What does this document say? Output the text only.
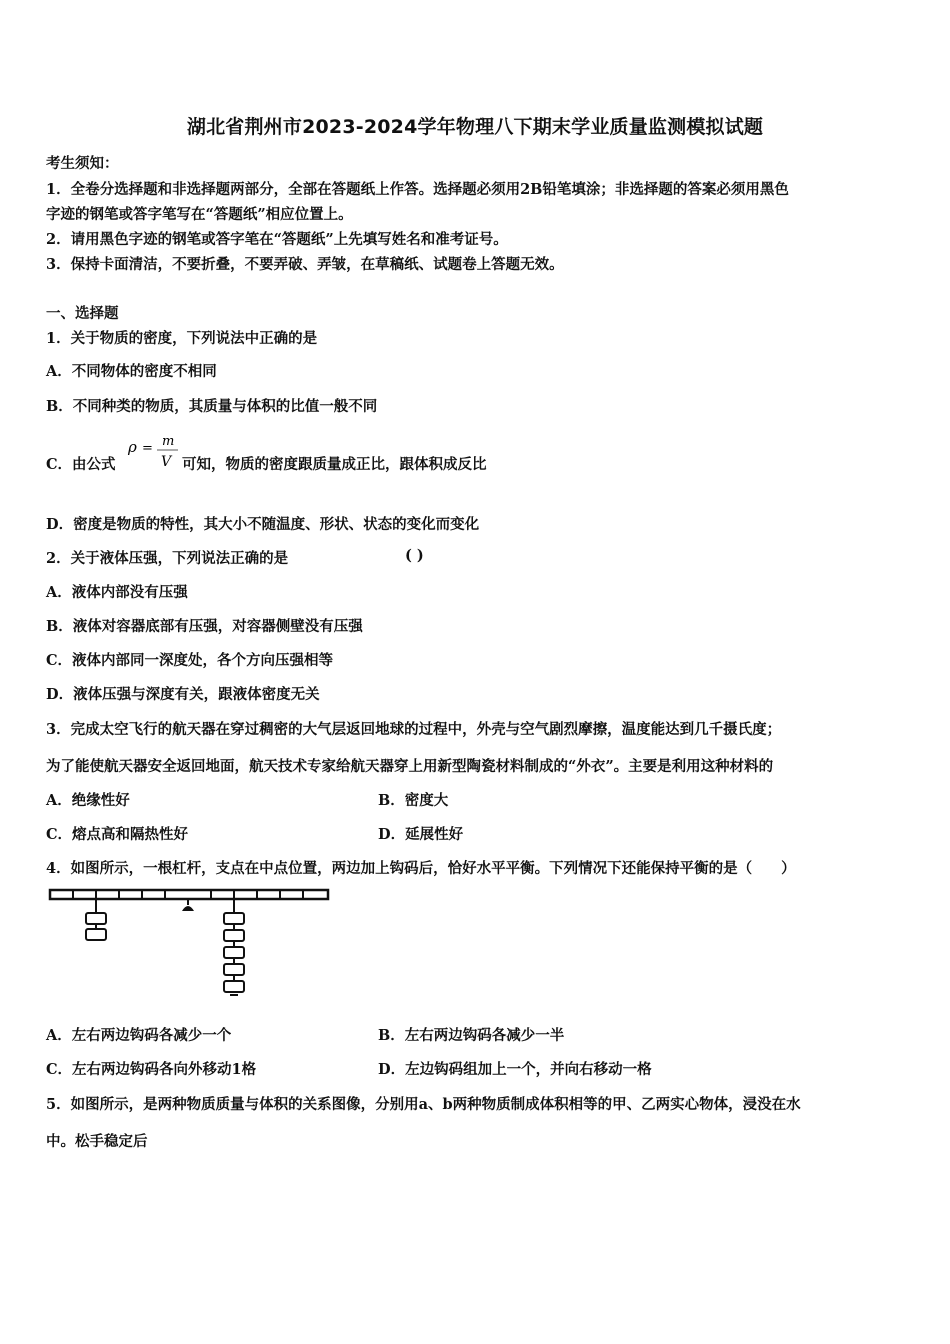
湖北省荆州市2023-2024学年物理八下期末学业质量监测模拟试题
考生须知：
1．全卷分选择题和非选择题两部分，全部在答题纸上作答。选择题必须用2B铅笔填涂；非选择题的答案必须用黑色
字迹的钢笔或答字笔写在“答题纸”相应位置上。
2．请用黑色字迹的钢笔或答字笔在“答题纸”上先填写姓名和准考证号。
3．保持卡面清洁，不要折叠，不要弄破、弄皱，在草稿纸、试题卷上答题无效。
一、选择题
1．关于物质的密度，下列说法中正确的是
A．不同物体的密度不相同
B．不同种类的物质，其质量与体积的比值一般不同
C．由公式
ρ = m
V 可知，物质的密度跟质量成正比，跟体积成反比
D．密度是物质的特性，其大小不随温度、形状、状态的变化而变化
2．关于液体压强，下列说法正确的是	( )
A．液体内部没有压强
B．液体对容器底部有压强，对容器侧壁没有压强
C．液体内部同一深度处，各个方向压强相等
D．液体压强与深度有关，跟液体密度无关
3．完成太空飞行的航天器在穿过稠密的大气层返回地球的过程中，外壳与空气剧烈摩擦，温度能达到几千摄氏度；
为了能使航天器安全返回地面，航天技术专家给航天器穿上用新型陶瓷材料制成的“外衣”。主要是利用这种材料的
A．绝缘性好	B．密度大
C．熔点高和隔热性好	D．延展性好
4．如图所示，一根杠杆，支点在中点位置，两边加上钩码后，恰好水平平衡。下列情况下还能保持平衡的是（　　）
A．左右两边钩码各减少一个	B．左右两边钩码各减少一半
C．左右两边钩码各向外移动1格	D．左边钩码组加上一个，并向右移动一格
5．如图所示，是两种物质质量与体积的关系图像，分别用a、b两种物质制成体积相等的甲、乙两实心物体，浸没在水
中。松手稳定后
